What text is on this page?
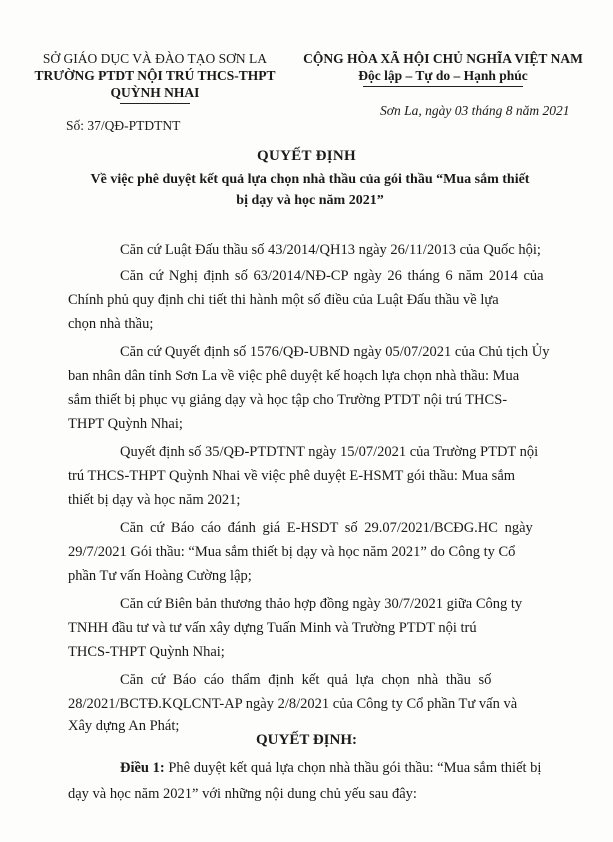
SỞ GIÁO DỤC VÀ ĐÀO TẠO SƠN LA
TRƯỜNG PTDT NỘI TRÚ THCS-THPT
QUỲNH NHAI
CỘNG HÒA XÃ HỘI CHỦ NGHĨA VIỆT NAM
Độc lập – Tự do – Hạnh phúc
Sơn La, ngày 03 tháng 8 năm 2021
Số: 37/QĐ-PTDTNT
QUYẾT ĐỊNH
Về việc phê duyệt kết quả lựa chọn nhà thầu của gói thầu “Mua sắm thiết
bị dạy và học năm 2021”
Căn cứ Luật Đấu thầu số 43/2014/QH13 ngày 26/11/2013 của Quốc hội;
Căn cứ Nghị định số 63/2014/NĐ-CP ngày 26 tháng 6 năm 2014 của
Chính phủ quy định chi tiết thi hành một số điều của Luật Đấu thầu về lựa
chọn nhà thầu;
Căn cứ Quyết định số 1576/QĐ-UBND ngày 05/07/2021 của Chủ tịch Ủy
ban nhân dân tỉnh Sơn La về việc phê duyệt kế hoạch lựa chọn nhà thầu: Mua
sắm thiết bị phục vụ giảng dạy và học tập cho Trường PTDT nội trú THCS-
THPT Quỳnh Nhai;
Quyết định số 35/QĐ-PTDTNT ngày 15/07/2021 của Trường PTDT nội
trú THCS-THPT Quỳnh Nhai về việc phê duyệt E-HSMT gói thầu: Mua sắm
thiết bị dạy và học năm 2021;
Căn cứ Báo cáo đánh giá E-HSDT số 29.07/2021/BCĐG.HC ngày
29/7/2021 Gói thầu: “Mua sắm thiết bị dạy và học năm 2021” do Công ty Cổ
phần Tư vấn Hoàng Cường lập;
Căn cứ Biên bản thương thảo hợp đồng ngày 30/7/2021 giữa Công ty
TNHH đầu tư và tư vấn xây dựng Tuấn Minh và Trường PTDT nội trú
THCS-THPT Quỳnh Nhai;
Căn cứ Báo cáo thẩm định kết quả lựa chọn nhà thầu số
28/2021/BCTĐ.KQLCNT-AP ngày 2/8/2021 của Công ty Cổ phần Tư vấn và
Xây dựng An Phát;
QUYẾT ĐỊNH:
Điều 1: Phê duyệt kết quả lựa chọn nhà thầu gói thầu: “Mua sắm thiết bị
dạy và học năm 2021” với những nội dung chủ yếu sau đây:
